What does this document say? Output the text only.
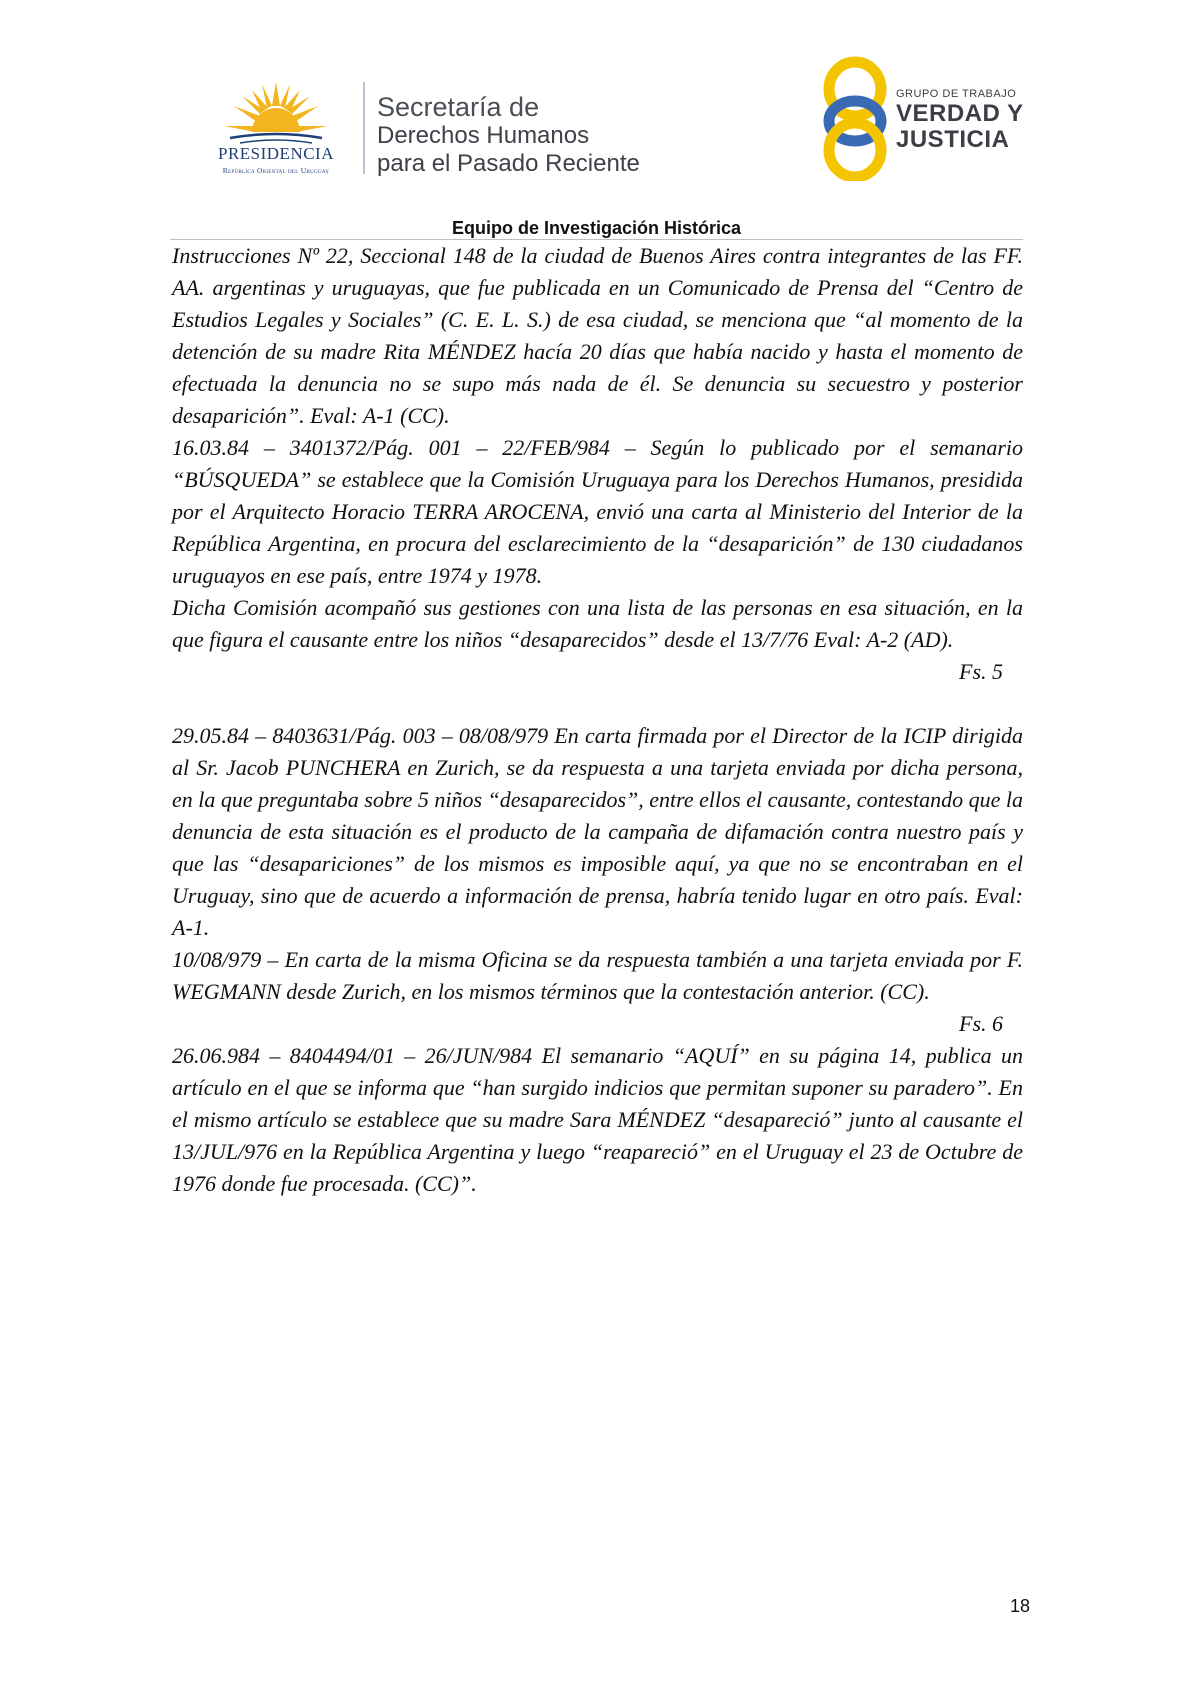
PRESIDENCIA
República Oriental del Uruguay
Secretaría de
Derechos Humanos
para el Pasado Reciente
GRUPO DE TRABAJO
VERDAD Y
JUSTICIA
Equipo de Investigación Histórica

Instrucciones Nº 22, Seccional 148 de la ciudad de Buenos Aires contra integrantes de las FF. AA. argentinas y uruguayas, que fue publicada en un Comunicado de Prensa del “Centro de Estudios Legales y Sociales” (C. E. L. S.) de esa ciudad, se menciona que “al momento de la detención de su madre Rita MÉNDEZ hacía 20 días que había nacido y hasta el momento de efectuada la denuncia no se supo más nada de él. Se denuncia su secuestro y posterior desaparición”. Eval: A-1 (CC).

16.03.84 – 3401372/Pág. 001 – 22/FEB/984 – Según lo publicado por el semanario “BÚSQUEDA” se establece que la Comisión Uruguaya para los Derechos Humanos, presidida por el Arquitecto Horacio TERRA AROCENA, envió una carta al Ministerio del Interior de la República Argentina, en procura del esclarecimiento de la “desaparición” de 130 ciudadanos uruguayos en ese país, entre 1974 y 1978.

Dicha Comisión acompañó sus gestiones con una lista de las personas en esa situación, en la que figura el causante entre los niños “desaparecidos” desde el 13/7/76 Eval: A-2 (AD).

Fs. 5

29.05.84 – 8403631/Pág. 003 – 08/08/979 En carta firmada por el Director de la ICIP dirigida al Sr. Jacob PUNCHERA en Zurich, se da respuesta a una tarjeta enviada por dicha persona, en la que preguntaba sobre 5 niños “desaparecidos”, entre ellos el causante, contestando que la denuncia de esta situación es el producto de la campaña de difamación contra nuestro país y que las “desapariciones” de los mismos es imposible aquí, ya que no se encontraban en el Uruguay, sino que de acuerdo a información de prensa, habría tenido lugar en otro país. Eval: A-1.

10/08/979 – En carta de la misma Oficina se da respuesta también a una tarjeta enviada por F. WEGMANN desde Zurich, en los mismos términos que la contestación anterior. (CC).

Fs. 6

26.06.984 – 8404494/01 – 26/JUN/984 El semanario “AQUÍ” en su página 14, publica un artículo en el que se informa que “han surgido indicios que permitan suponer su paradero”. En el mismo artículo se establece que su madre Sara MÉNDEZ “desapareció” junto al causante el 13/JUL/976 en la República Argentina y luego “reapareció” en el Uruguay el 23 de Octubre de 1976 donde fue procesada. (CC)”.

18
